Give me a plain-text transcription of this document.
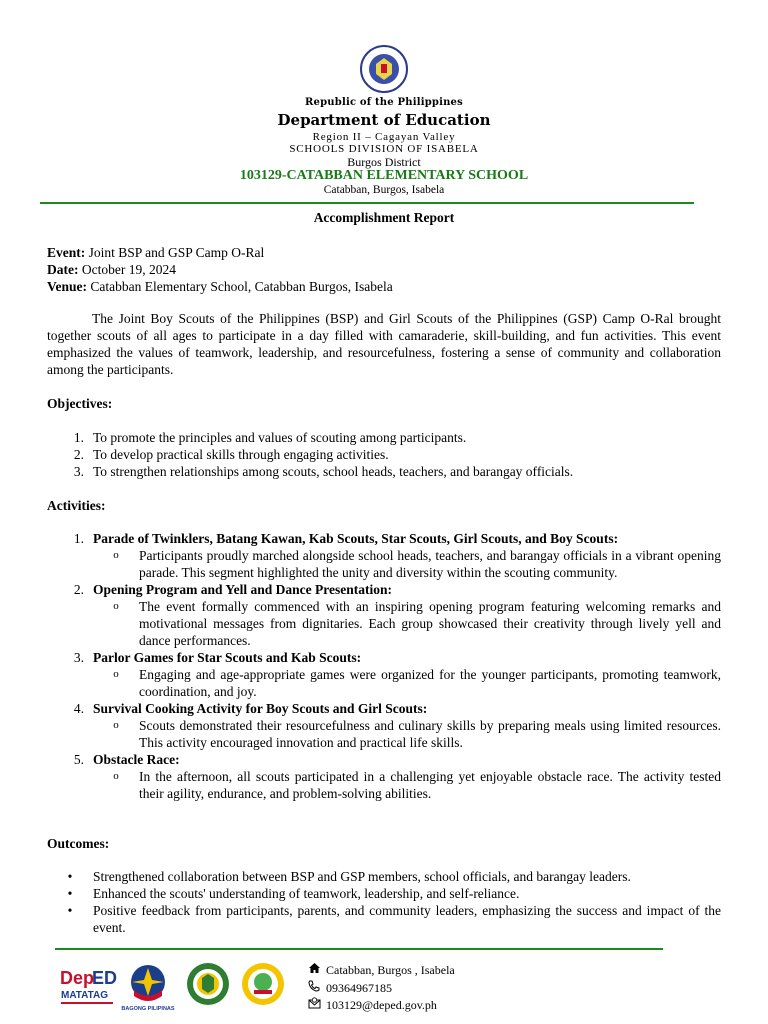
Republic of the Philippines
Department of Education
Region II – Cagayan Valley
SCHOOLS DIVISION OF ISABELA
Burgos District
103129-CATABBAN ELEMENTARY SCHOOL
Catabban, Burgos, Isabela
Accomplishment Report
Event: Joint BSP and GSP Camp O-Ral
Date: October 19, 2024
Venue: Catabban Elementary School, Catabban Burgos, Isabela
The Joint Boy Scouts of the Philippines (BSP) and Girl Scouts of the Philippines (GSP) Camp O-Ral brought together scouts of all ages to participate in a day filled with camaraderie, skill-building, and fun activities. This event emphasized the values of teamwork, leadership, and resourcefulness, fostering a sense of community and collaboration among the participants.
Objectives:
1. To promote the principles and values of scouting among participants.
2. To develop practical skills through engaging activities.
3. To strengthen relationships among scouts, school heads, teachers, and barangay officials.
Activities:
1. Parade of Twinklers, Batang Kawan, Kab Scouts, Star Scouts, Girl Scouts, and Boy Scouts:
o	Participants proudly marched alongside school heads, teachers, and barangay officials in a vibrant opening parade. This segment highlighted the unity and diversity within the scouting community.
2. Opening Program and Yell and Dance Presentation:
o	The event formally commenced with an inspiring opening program featuring welcoming remarks and motivational messages from dignitaries. Each group showcased their creativity through lively yell and dance performances.
3. Parlor Games for Star Scouts and Kab Scouts:
o	Engaging and age-appropriate games were organized for the younger participants, promoting teamwork, coordination, and joy.
4. Survival Cooking Activity for Boy Scouts and Girl Scouts:
o	Scouts demonstrated their resourcefulness and culinary skills by preparing meals using limited resources. This activity encouraged innovation and practical life skills.
5. Obstacle Race:
o	In the afternoon, all scouts participated in a challenging yet enjoyable obstacle race. The activity tested their agility, endurance, and problem-solving abilities.
Outcomes:
•	Strengthened collaboration between BSP and GSP members, school officials, and barangay leaders.
•	Enhanced the scouts' understanding of teamwork, leadership, and self-reliance.
•	Positive feedback from participants, parents, and community leaders, emphasizing the success and impact of the event.
Dep
ED
MATATAG
BAGONG PILIPINAS
Catabban, Burgos , Isabela
09364967185
103129@deped.gov.ph
